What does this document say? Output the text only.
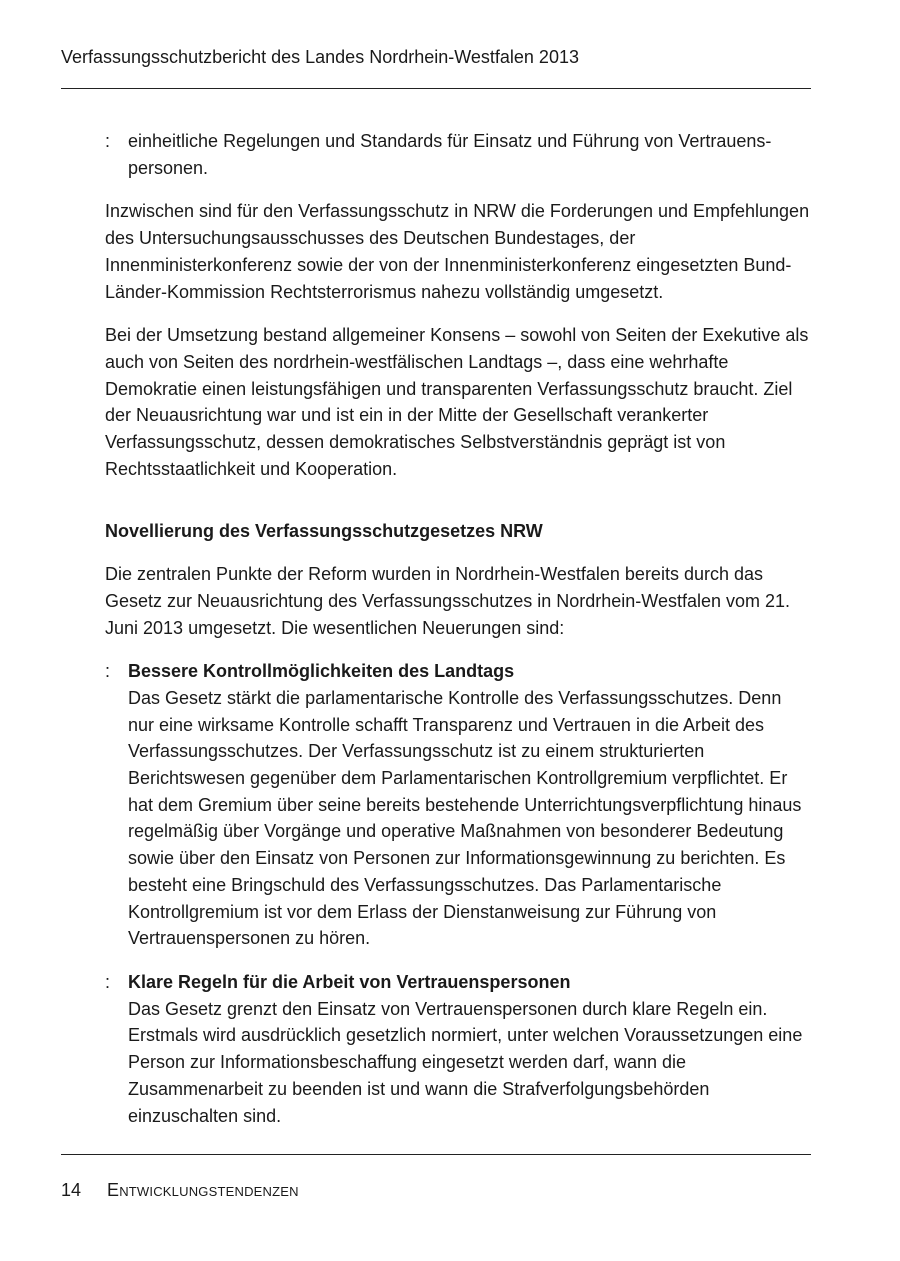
Verfassungsschutzbericht des Landes Nordrhein-Westfalen 2013
: einheitliche Regelungen und Standards für Einsatz und Führung von Vertrauens-personen.

Inzwischen sind für den Verfassungsschutz in NRW die Forderungen und Empfehlungen des Untersuchungsausschusses des Deutschen Bundestages, der Innenministerkonferenz sowie der von der Innenministerkonferenz eingesetzten Bund-Länder-Kommission Rechtsterrorismus nahezu vollständig umgesetzt.

Bei der Umsetzung bestand allgemeiner Konsens – sowohl von Seiten der Exekutive als auch von Seiten des nordrhein-westfälischen Landtags –, dass eine wehrhafte Demokratie einen leistungsfähigen und transparenten Verfassungsschutz braucht. Ziel der Neuausrichtung war und ist ein in der Mitte der Gesellschaft verankerter Verfassungsschutz, dessen demokratisches Selbstverständnis geprägt ist von Rechtsstaatlichkeit und Kooperation.

Novellierung des Verfassungsschutzgesetzes NRW

Die zentralen Punkte der Reform wurden in Nordrhein-Westfalen bereits durch das Gesetz zur Neuausrichtung des Verfassungsschutzes in Nordrhein-Westfalen vom 21. Juni 2013 umgesetzt. Die wesentlichen Neuerungen sind:

: Bessere Kontrollmöglichkeiten des Landtags
Das Gesetz stärkt die parlamentarische Kontrolle des Verfassungsschutzes. Denn nur eine wirksame Kontrolle schafft Transparenz und Vertrauen in die Arbeit des Verfassungsschutzes. Der Verfassungsschutz ist zu einem strukturierten Berichtswesen gegenüber dem Parlamentarischen Kontrollgremium verpflichtet. Er hat dem Gremium über seine bereits bestehende Unterrichtungsverpflichtung hinaus regelmäßig über Vorgänge und operative Maßnahmen von besonderer Bedeutung sowie über den Einsatz von Personen zur Informationsgewinnung zu berichten. Es besteht eine Bringschuld des Verfassungsschutzes. Das Parlamentarische Kontrollgremium ist vor dem Erlass der Dienstanweisung zur Führung von Vertrauenspersonen zu hören.
: Klare Regeln für die Arbeit von Vertrauenspersonen
Das Gesetz grenzt den Einsatz von Vertrauenspersonen durch klare Regeln ein. Erstmals wird ausdrücklich gesetzlich normiert, unter welchen Voraussetzungen eine Person zur Informationsbeschaffung eingesetzt werden darf, wann die Zusammenarbeit zu beenden ist und wann die Strafverfolgungsbehörden einzuschalten sind.
14 Entwicklungstendenzen
